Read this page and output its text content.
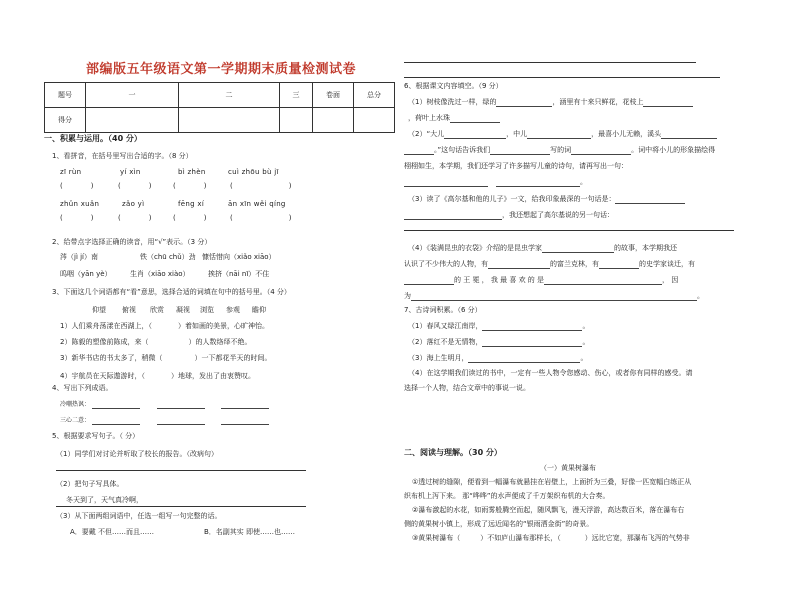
部编版五年级语文第一学期期末质量检测试卷
题号	一	二	三	卷面	总分
得分					
一、积累与运用。（40 分）
1、看拼音，在括号里写出合适的字。（8 分）
zī rùn	yí xìn	bì zhèn	cuì zhōu bù jī
(　　　　)	(　　　　)	(　　　　)	(　　　　　　　　)
zhǔn xuǎn	zǎo yì	fēng xí	ān xīn wěi qíng
(　　　　)	(　　　　)	(　　　　)	(　　　　　　　　)
2、给带点字选择正确的读音，用“√”表示。（3 分）
涔（jì jí）南	铁（chū chǔ）劲 慷恬惜向（xiǎo xiāo）
呜咽（yān yè）	生肖（xiāo xiào）	挨挤（nāi nī）不住
3、下面这几个词语都有“看”意思，选择合适的词填在句中的括号里。（4 分）
仰望 俯视 欣赏 凝视 浏览 参观 瞻仰
1）人们乘舟荡漾在西湖上，（	）着如画的美景，心旷神怡。
2）陈毅的塑像前陈成，来（	）的人数络绎不绝。
3）新华书店的书太多了，稍微（	）一下都花半天的时间。
4）宇航员在天际遨游时，（	）地球，发出了由衷赞叹。
4、写出下列成语。
冷嘲热讽：
三心二意：
5、根据要求写句子。（ 分）
（1）同学们对讨论并听取了校长的报告。（改病句）
（2）把句子写具体。
冬天到了，天气真冷啊，
（3）从下面两组词语中，任选一组写一句完整的话。
A．要戴 不但……而且……	B．名副其实 即使……也……
6、根据课文内容填空。（9 分）
（1）树枝像洗过一样，绿的	，涵里有十来只鲜花，花枝上
，荷叶上水珠
（2）“大儿	，中儿	，最喜小儿无赖，溪头
。”这句话告诉我们	写的词	。词中将小儿的形象描绘得
栩栩如生，本学期，我们还学习了许多描写儿童的诗句，请再写出一句：
。
（3）读了《高尔基和他的儿子》一文，给我印象最深的一句话是：
，我还想起了高尔基说的另一句话：
（4）《装满昆虫的衣袋》介绍的是昆虫学家	的故事，本学期我还
认识了不少伟大的人物，有	的富兰克林，有	的史学家谈迁，有
的 王 冕 ， 我 最 喜 欢 的 是	， 因
为	。
7、古诗词积累。（6 分）
（1）春风又绿江南岸，	。
（2）落红不是无情物，	。
（3）海上生明月，	。
（4）在这学期我们读过的书中，一定有一些人物令您感动、伤心，或者你有同样的感受。请
选择一个人物，结合文章中的事说一说。
二、阅读与理解。（30 分）
（一）黄果树瀑布
①透过树的缝隙，便看到一幅瀑布就悬挂在岩壁上，上面折为三叠，好像一匹宽幅白练正从
织布机上泻下来。 那“哗哗”的水声便成了千万架织布机的大合奏。
②瀑布激起的水花，如雨雾般腾空而起，随风飘飞，漫天浮游，高达数百米，落在瀑布右
侧的黄果树小镇上，形成了远近闻名的“银雨洒金街”的奇景。
③黄果树瀑布（	）不如庐山瀑布那样长，（	）远比它宽，那瀑布飞泻的气势非
